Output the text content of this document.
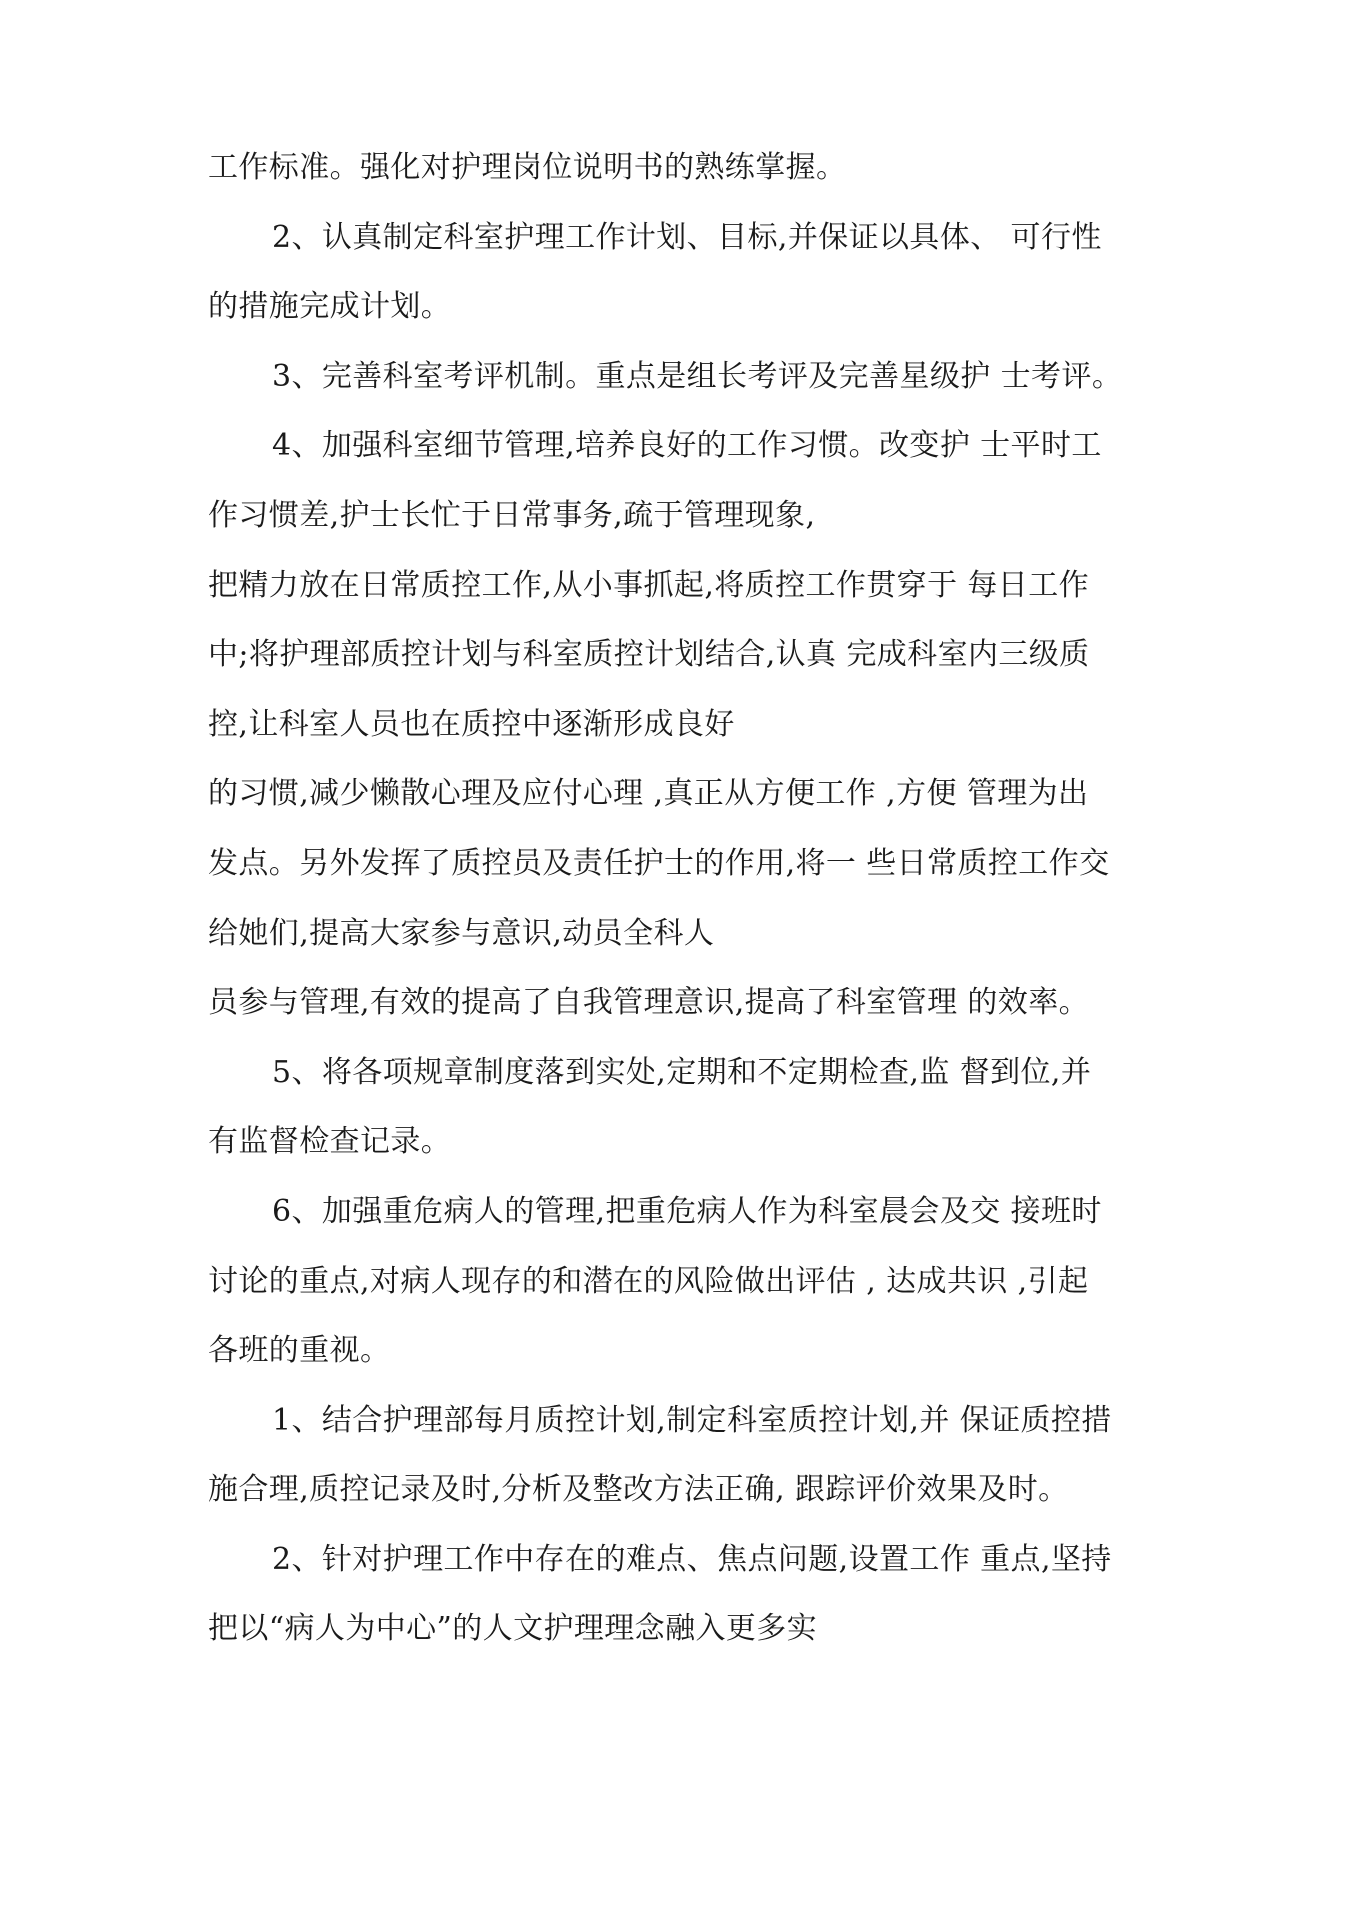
工作标准。强化对护理岗位说明书的熟练掌握。
2、认真制定科室护理工作计划、目标,并保证以具体、 可行性
的措施完成计划。
3、完善科室考评机制。重点是组长考评及完善星级护 士考评。
4、加强科室细节管理,培养良好的工作习惯。改变护 士平时工
作习惯差,护士长忙于日常事务,疏于管理现象,
把精力放在日常质控工作,从小事抓起,将质控工作贯穿于 每日工作
中;将护理部质控计划与科室质控计划结合,认真 完成科室内三级质
控,让科室人员也在质控中逐渐形成良好
的习惯,减少懒散心理及应付心理 ,真正从方便工作 ,方便 管理为出
发点。另外发挥了质控员及责任护士的作用,将一 些日常质控工作交
给她们,提高大家参与意识,动员全科人
员参与管理,有效的提高了自我管理意识,提高了科室管理 的效率。
5、将各项规章制度落到实处,定期和不定期检查,监 督到位,并
有监督检查记录。
6、加强重危病人的管理,把重危病人作为科室晨会及交 接班时
讨论的重点,对病人现存的和潜在的风险做出评估 , 达成共识 ,引起
各班的重视。
1、结合护理部每月质控计划,制定科室质控计划,并 保证质控措
施合理,质控记录及时,分析及整改方法正确, 跟踪评价效果及时。
2、针对护理工作中存在的难点、焦点问题,设置工作 重点,坚持
把以“病人为中心”的人文护理理念融入更多实
